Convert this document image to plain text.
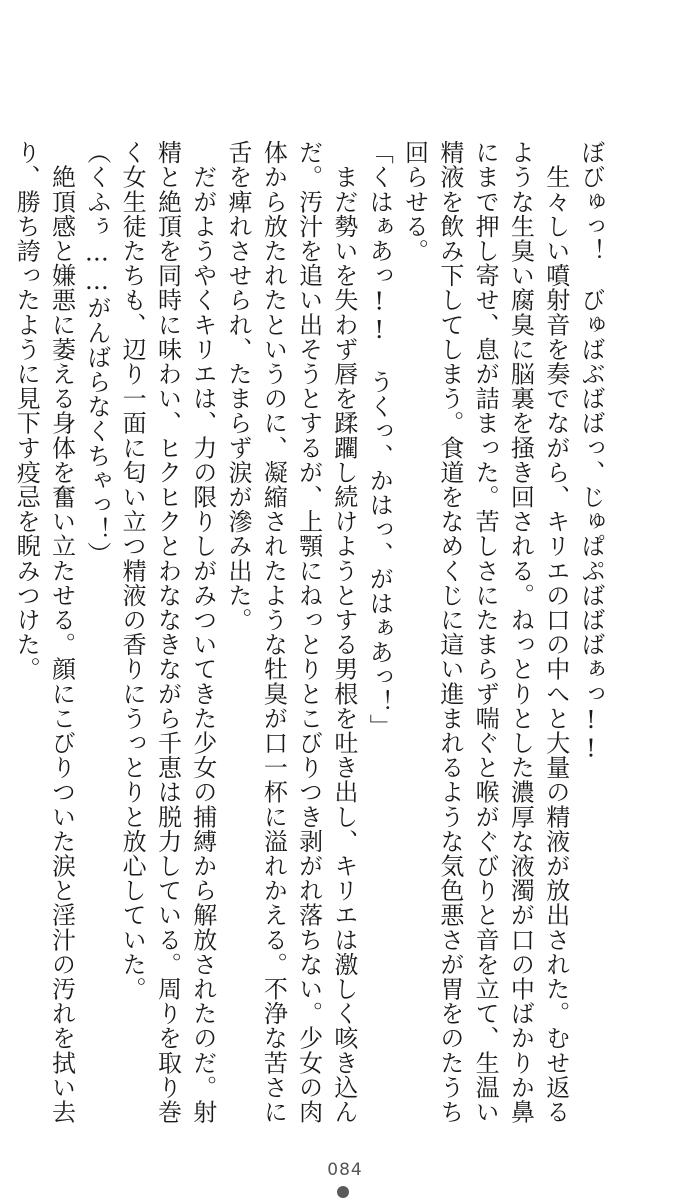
ぼびゅっ！　びゅばぶばばっ、じゅぱぷばばばぁっ!!
　生々しい噴射音を奏でながら、キリエの口の中へと大量の精液が放出された。むせ返る
ような生臭い腐臭に脳裏を掻き回される。ねっとりとした濃厚な液濁が口の中ばかりか鼻
にまで押し寄せ、息が詰まった。苦しさにたまらず喘ぐと喉がぐびりと音を立て、生温い
精液を飲み下してしまう。食道をなめくじに這い進まれるような気色悪さが胃をのたうち
回らせる。
「くはぁあっ!!　うくっ、かはっ、がはぁあっ！」
　まだ勢いを失わず唇を蹂躙し続けようとする男根を吐き出し、キリエは激しく咳き込ん
だ。汚汁を追い出そうとするが、上顎にねっとりとこびりつき剥がれ落ちない。少女の肉
体から放たれたというのに、凝縮されたような牡臭が口一杯に溢れかえる。不浄な苦さに
舌を痺れさせられ、たまらず涙が滲み出た。
　だがようやくキリエは、力の限りしがみついてきた少女の捕縛から解放されたのだ。射
精と絶頂を同時に味わい、ヒクヒクとわななきながら千恵は脱力している。周りを取り巻
く女生徒たちも、辺り一面に匂い立つ精液の香りにうっとりと放心していた。
（くふぅ……がんばらなくちゃっ！）
　絶頂感と嫌悪に萎える身体を奮い立たせる。顔にこびりついた涙と淫汁の汚れを拭い去
り、勝ち誇ったように見下す疫忌を睨みつけた。
084
